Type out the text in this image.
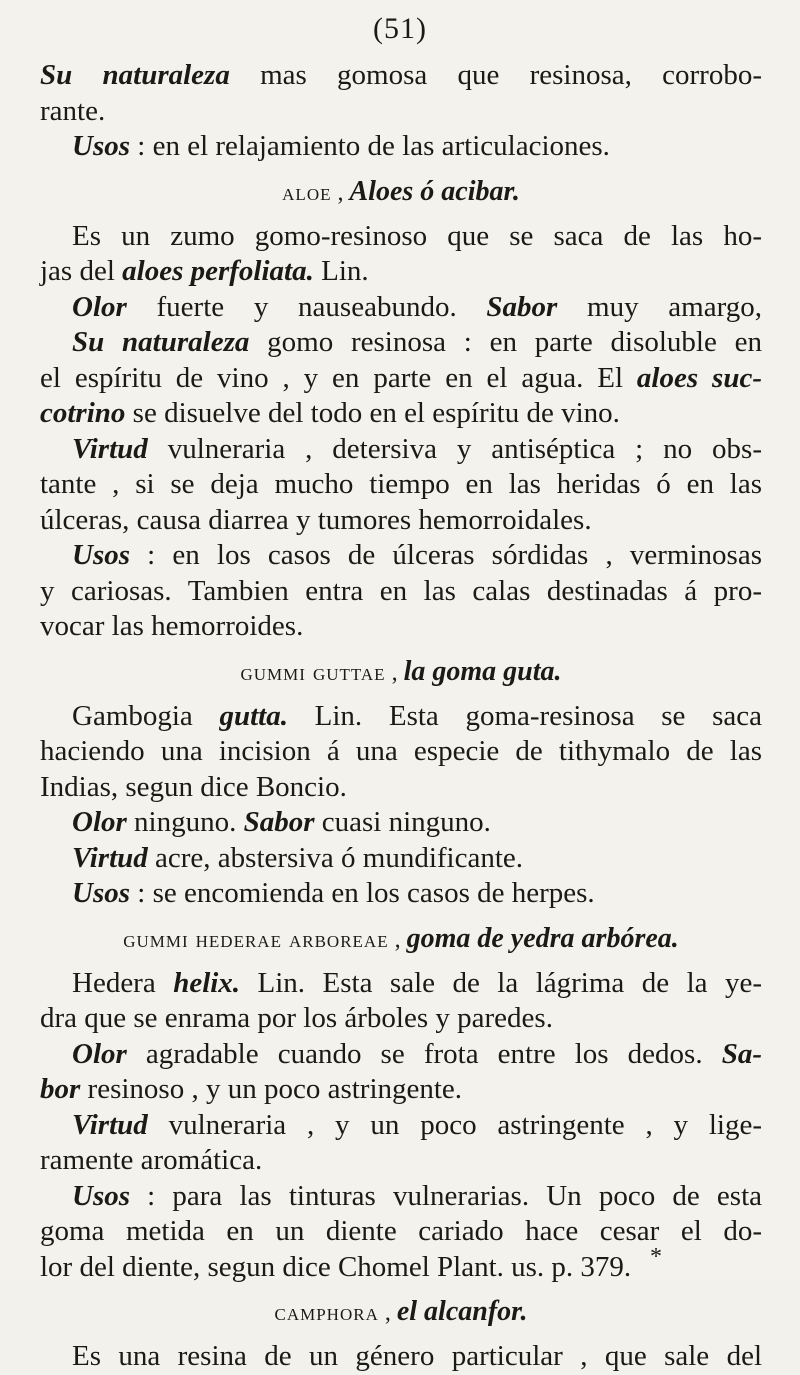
(51)
Su naturaleza mas gomosa que resinosa, corrobo-
rante.
Usos : en el relajamiento de las articulaciones.
aloe , Aloes ó acibar.
Es un zumo gomo-resinoso que se saca de las ho-
jas del aloes perfoliata. Lin.
Olor fuerte y nauseabundo. Sabor muy amargo,
Su naturaleza gomo resinosa : en parte disoluble en
el espíritu de vino , y en parte en el agua. El aloes suc-
cotrino se disuelve del todo en el espíritu de vino.
Virtud vulneraria , detersiva y antiséptica ; no obs-
tante , si se deja mucho tiempo en las heridas ó en las
úlceras, causa diarrea y tumores hemorroidales.
Usos : en los casos de úlceras sórdidas , verminosas
y cariosas. Tambien entra en las calas destinadas á pro-
vocar las hemorroides.
gummi guttae , la goma guta.
Gambogia gutta. Lin. Esta goma-resinosa se saca
haciendo una incision á una especie de tithymalo de las
Indias, segun dice Boncio.
Olor ninguno. Sabor cuasi ninguno.
Virtud acre, abstersiva ó mundificante.
Usos : se encomienda en los casos de herpes.
gummi hederae arboreae , goma de yedra arbórea.
Hedera helix. Lin. Esta sale de la lágrima de la ye-
dra que se enrama por los árboles y paredes.
Olor agradable cuando se frota entre los dedos. Sa-
bor resinoso , y un poco astringente.
Virtud vulneraria , y un poco astringente , y lige-
ramente aromática.
Usos : para las tinturas vulnerarias. Un poco de esta
goma metida en un diente cariado hace cesar el do-
lor del diente, segun dice Chomel Plant. us. p. 379.
camphora , el alcanfor.
Es una resina de un género particular , que sale del
*
